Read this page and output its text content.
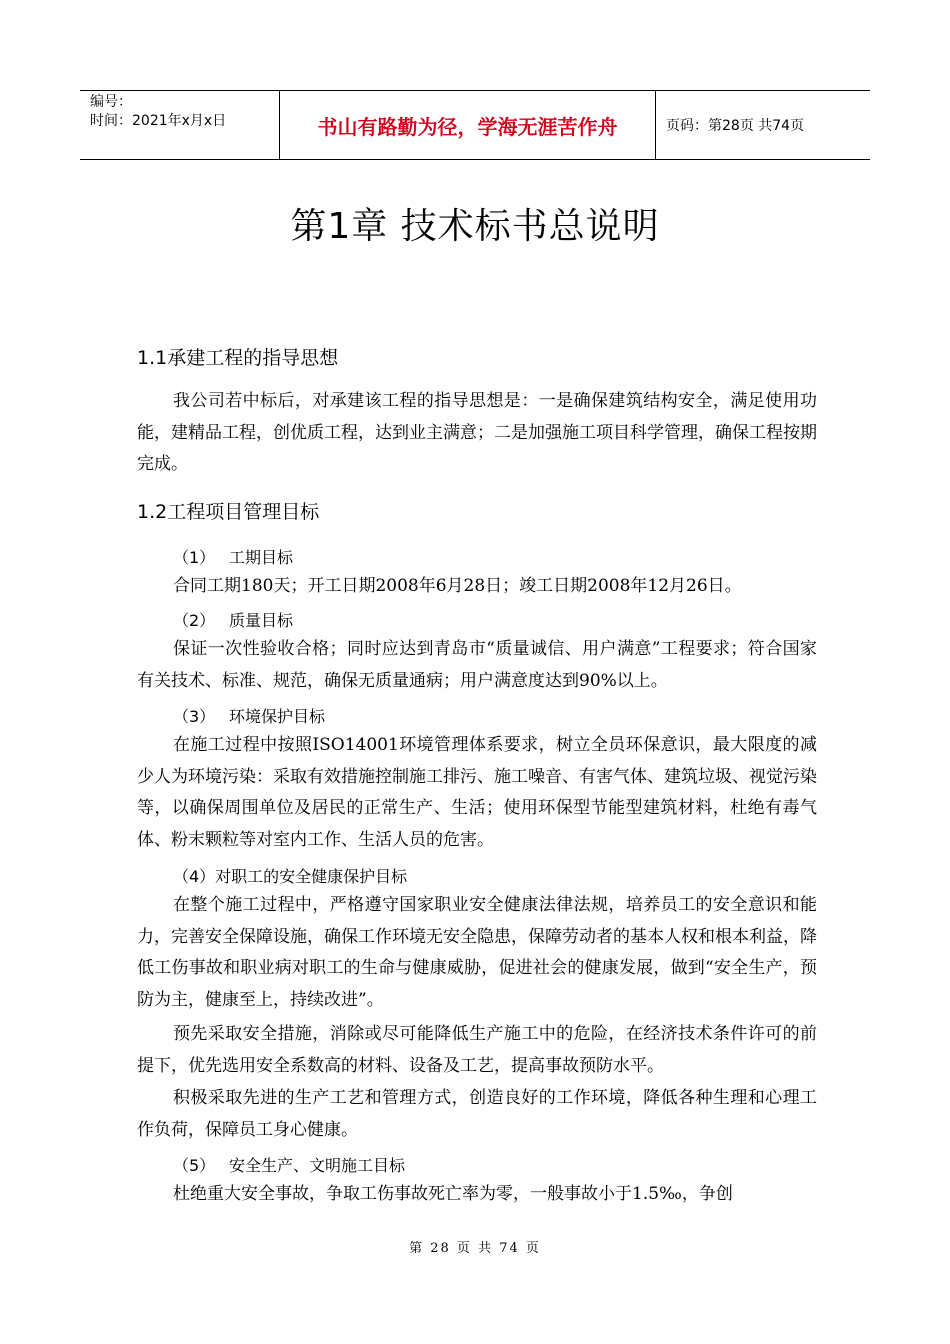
编号：
时间：2021年x月x日	书山有路勤为径，学海无涯苦作舟	页码：第28页 共74页
第1章 技术标书总说明
1.1承建工程的指导思想
我公司若中标后，对承建该工程的指导思想是：一是确保建筑结构安全，满足使用功能，建精品工程，创优质工程，达到业主满意；二是加强施工项目科学管理，确保工程按期完成。
1.2工程项目管理目标
（1） 工期目标
合同工期180天；开工日期2008年6月28日；竣工日期2008年12月26日。
（2） 质量目标
保证一次性验收合格；同时应达到青岛市“质量诚信、用户满意”工程要求；符合国家有关技术、标准、规范，确保无质量通病；用户满意度达到90%以上。
（3） 环境保护目标
在施工过程中按照ISO14001环境管理体系要求，树立全员环保意识，最大限度的减少人为环境污染：采取有效措施控制施工排污、施工噪音、有害气体、建筑垃圾、视觉污染等，以确保周围单位及居民的正常生产、生活；使用环保型节能型建筑材料，杜绝有毒气体、粉末颗粒等对室内工作、生活人员的危害。
（4）对职工的安全健康保护目标
在整个施工过程中，严格遵守国家职业安全健康法律法规，培养员工的安全意识和能力，完善安全保障设施，确保工作环境无安全隐患，保障劳动者的基本人权和根本利益，降低工伤事故和职业病对职工的生命与健康威胁，促进社会的健康发展，做到“安全生产，预防为主，健康至上，持续改进”。
预先采取安全措施，消除或尽可能降低生产施工中的危险，在经济技术条件许可的前提下，优先选用安全系数高的材料、设备及工艺，提高事故预防水平。
积极采取先进的生产工艺和管理方式，创造良好的工作环境，降低各种生理和心理工作负荷，保障员工身心健康。
（5） 安全生产、文明施工目标
杜绝重大安全事故，争取工伤事故死亡率为零，一般事故小于1.5‰，争创
第 28 页 共 74 页
